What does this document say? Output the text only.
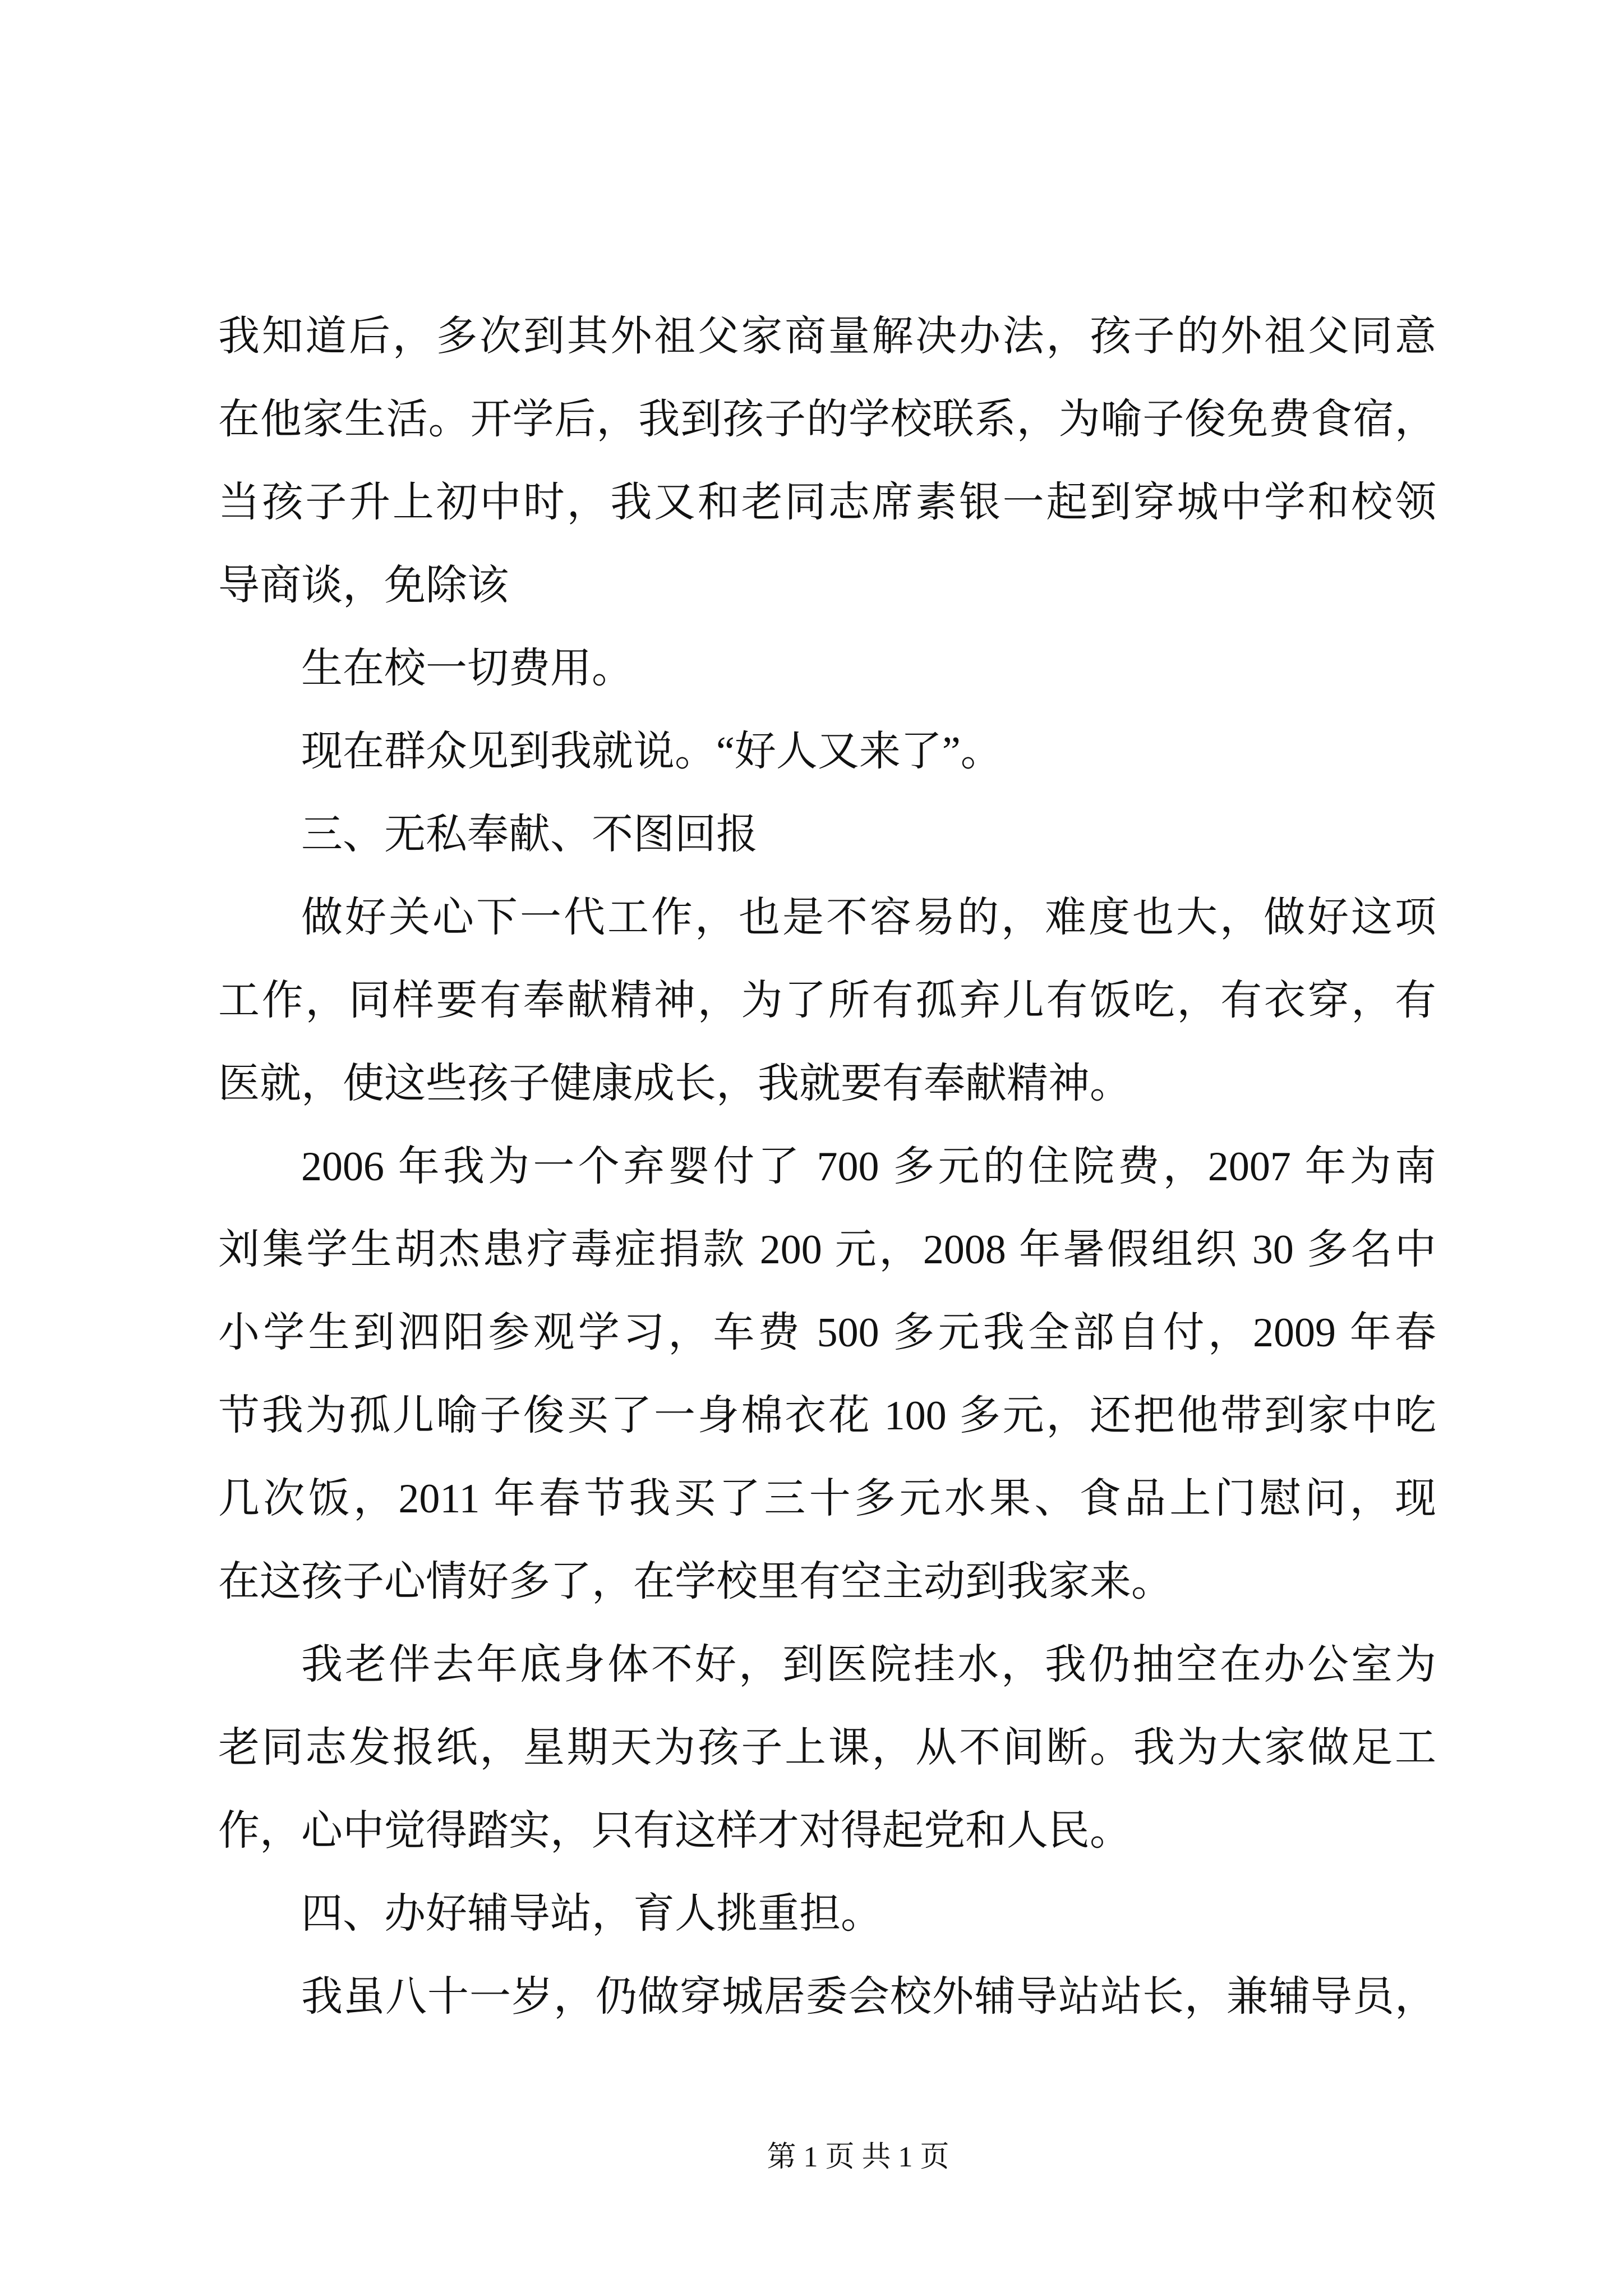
我知道后，多次到其外祖父家商量解决办法，孩子的外祖父同意
在他家生活。开学后，我到孩子的学校联系，为喻子俊免费食宿，
当孩子升上初中时，我又和老同志席素银一起到穿城中学和校领
导商谈，免除该
生在校一切费用。
现在群众见到我就说。“好人又来了”。
三、无私奉献、不图回报
做好关心下一代工作，也是不容易的，难度也大，做好这项
工作，同样要有奉献精神，为了所有孤弃儿有饭吃，有衣穿，有
医就，使这些孩子健康成长，我就要有奉献精神。
2006 年我为一个弃婴付了 700 多元的住院费，2007 年为南
刘集学生胡杰患疗毒症捐款 200 元，2008 年暑假组织 30 多名中
小学生到泗阳参观学习，车费 500 多元我全部自付，2009 年春
节我为孤儿喻子俊买了一身棉衣花 100 多元，还把他带到家中吃
几次饭，2011 年春节我买了三十多元水果、食品上门慰问，现
在这孩子心情好多了，在学校里有空主动到我家来。
我老伴去年底身体不好，到医院挂水，我仍抽空在办公室为
老同志发报纸，星期天为孩子上课，从不间断。我为大家做足工
作，心中觉得踏实，只有这样才对得起党和人民。
四、办好辅导站，育人挑重担。
我虽八十一岁，仍做穿城居委会校外辅导站站长，兼辅导员，
第 1 页 共 1 页
